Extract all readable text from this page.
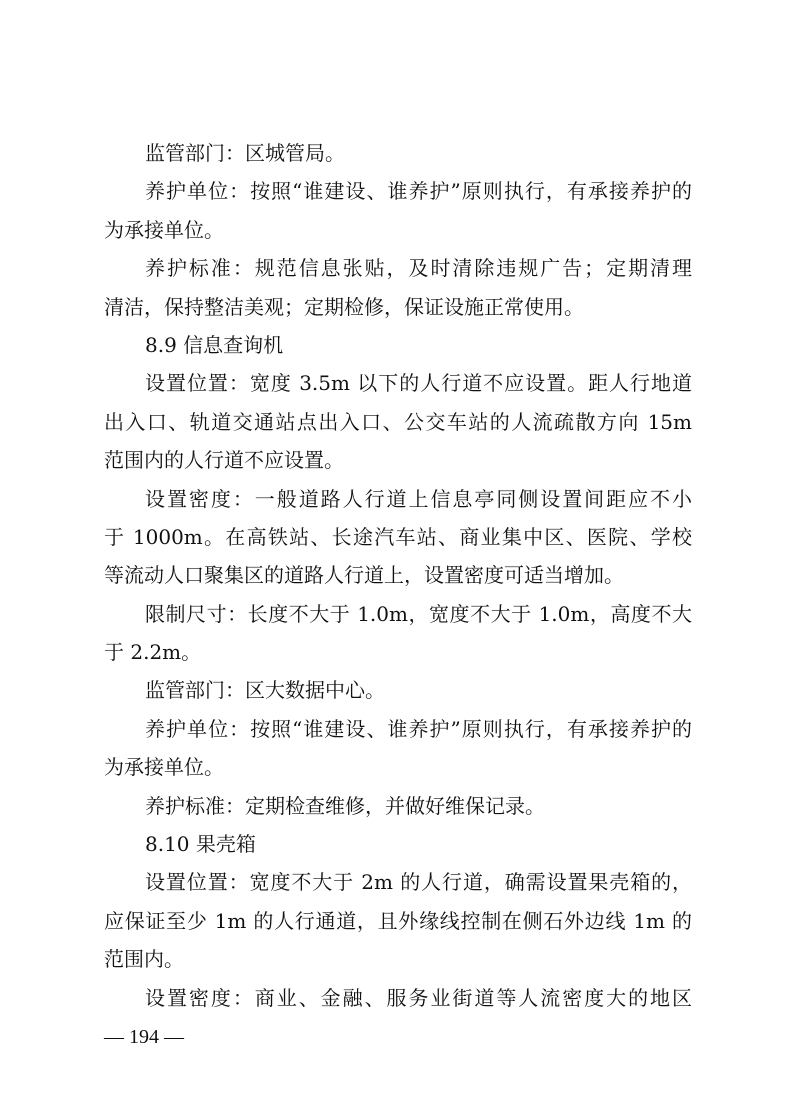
监管部门：区城管局。
养护单位：按照“谁建设、谁养护”原则执行，有承接养护的
为承接单位。
养护标准：规范信息张贴，及时清除违规广告；定期清理
清洁，保持整洁美观；定期检修，保证设施正常使用。
8.9 信息查询机
设置位置：宽度 3.5m 以下的人行道不应设置。距人行地道
出入口、轨道交通站点出入口、公交车站的人流疏散方向 15m
范围内的人行道不应设置。
设置密度：一般道路人行道上信息亭同侧设置间距应不小
于 1000m。在高铁站、长途汽车站、商业集中区、医院、学校
等流动人口聚集区的道路人行道上，设置密度可适当增加。
限制尺寸：长度不大于 1.0m，宽度不大于 1.0m，高度不大
于 2.2m。
监管部门：区大数据中心。
养护单位：按照“谁建设、谁养护”原则执行，有承接养护的
为承接单位。
养护标准：定期检查维修，并做好维保记录。
8.10 果壳箱
设置位置：宽度不大于 2m 的人行道，确需设置果壳箱的，
应保证至少 1m 的人行通道，且外缘线控制在侧石外边线 1m 的
范围内。
设置密度：商业、金融、服务业街道等人流密度大的地区
— 194 —
